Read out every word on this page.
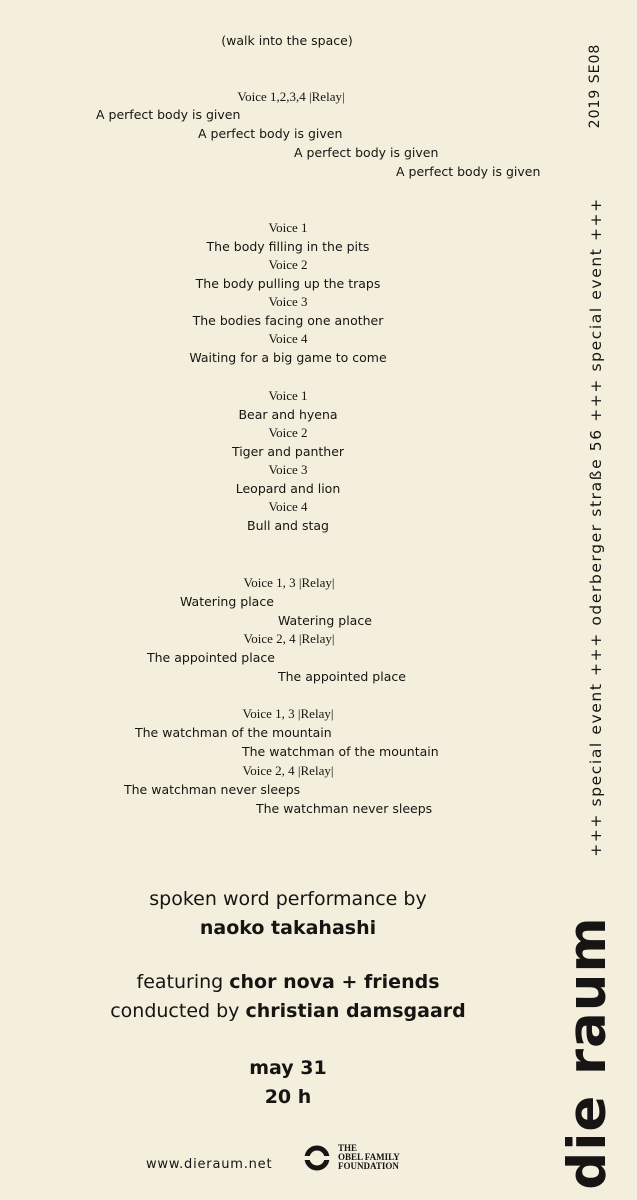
(walk into the space)
Voice 1,2,3,4 |Relay|
A perfect body is given
A perfect body is given
A perfect body is given
A perfect body is given
Voice 1
The body filling in the pits
Voice 2
The body pulling up the traps
Voice 3
The bodies facing one another
Voice 4
Waiting for a big game to come
Voice 1
Bear and hyena
Voice 2
Tiger and panther
Voice 3
Leopard and lion
Voice 4
Bull and stag
Voice 1, 3 |Relay|
Watering place
Watering place
Voice 2, 4 |Relay|
The appointed place
The appointed place
Voice 1, 3 |Relay|
The watchman of the mountain
The watchman of the mountain
Voice 2, 4 |Relay|
The watchman never sleeps
The watchman never sleeps
spoken word performance by
naoko takahashi
featuring chor nova + friends
conducted by christian damsgaard
may 31
20 h
2019 SE08
+++ special event +++ oderberger straße 56 +++ special event +++
die raum
www.dieraum.net
THE
OBEL FAMILY
FOUNDATION
